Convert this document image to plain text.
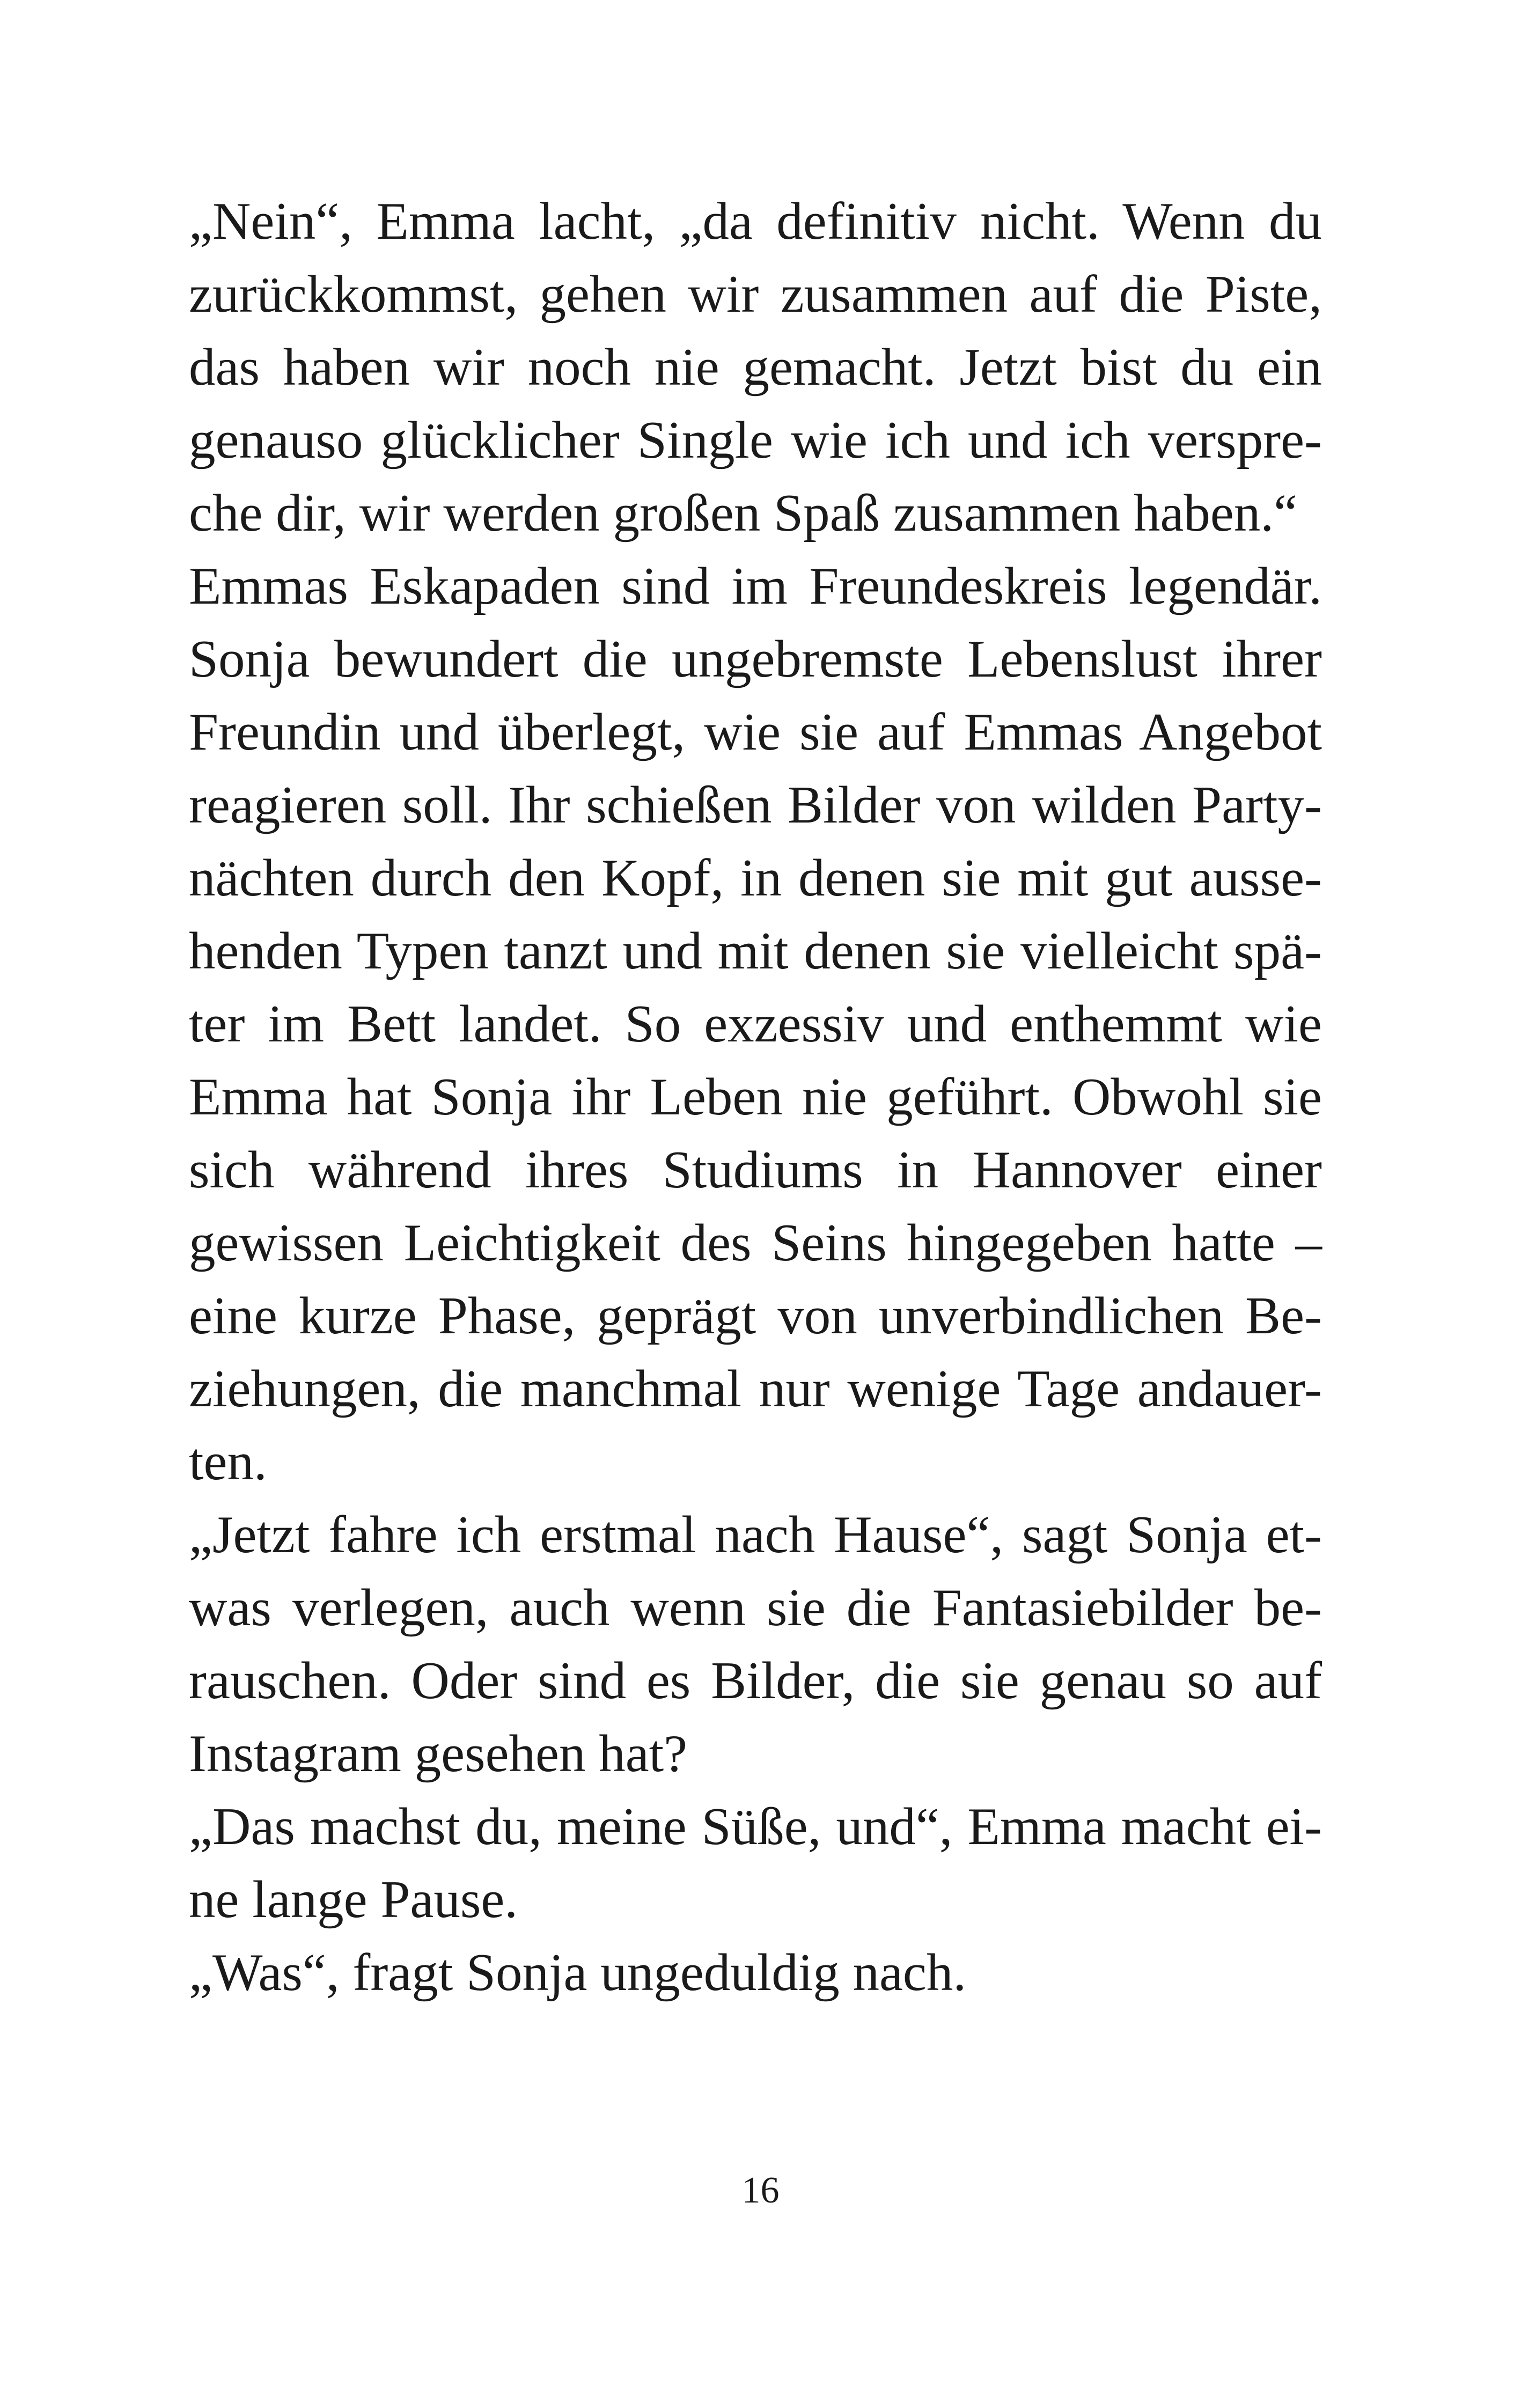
„Nein“, Emma lacht, „da definitiv nicht. Wenn du
zurückkommst, gehen wir zusammen auf die Piste,
das haben wir noch nie gemacht. Jetzt bist du ein
genauso glücklicher Single wie ich und ich verspre-
che dir, wir werden großen Spaß zusammen haben.“
Emmas Eskapaden sind im Freundeskreis legendär.
Sonja bewundert die ungebremste Lebenslust ihrer
Freundin und überlegt, wie sie auf Emmas Angebot
reagieren soll. Ihr schießen Bilder von wilden Party-
nächten durch den Kopf, in denen sie mit gut ausse-
henden Typen tanzt und mit denen sie vielleicht spä-
ter im Bett landet. So exzessiv und enthemmt wie
Emma hat Sonja ihr Leben nie geführt. Obwohl sie
sich während ihres Studiums in Hannover einer
gewissen Leichtigkeit des Seins hingegeben hatte –
eine kurze Phase, geprägt von unverbindlichen Be-
ziehungen, die manchmal nur wenige Tage andauer-
ten.
„Jetzt fahre ich erstmal nach Hause“, sagt Sonja et-
was verlegen, auch wenn sie die Fantasiebilder be-
rauschen. Oder sind es Bilder, die sie genau so auf
Instagram gesehen hat?
„Das machst du, meine Süße, und“, Emma macht ei-
ne lange Pause.
„Was“, fragt Sonja ungeduldig nach.
16
